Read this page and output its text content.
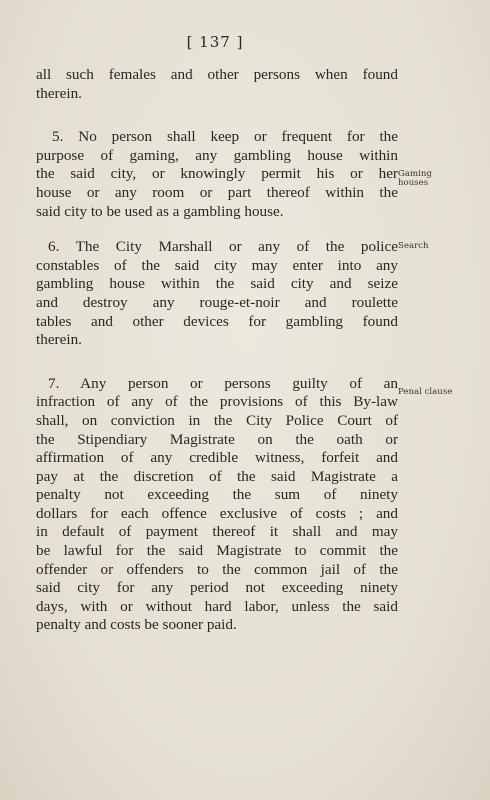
[ 137 ]
all such females and other persons when found
therein.
5. No person shall keep or frequent for the
purpose of gaming, any gambling house within
the said city, or knowingly permit his or her
house or any room or part thereof within the
said city to be used as a gambling house.
6. The City Marshall or any of the police
constables of the said city may enter into any
gambling house within the said city and seize
and destroy any rouge-et-noir and roulette
tables and other devices for gambling found
therein.
7. Any person or persons guilty of an
infraction of any of the provisions of this By-law
shall, on conviction in the City Police Court of
the Stipendiary Magistrate on the oath or
affirmation of any credible witness, forfeit and
pay at the discretion of the said Magistrate a
penalty not exceeding the sum of ninety
dollars for each offence exclusive of costs ; and
in default of payment thereof it shall and may
be lawful for the said Magistrate to commit the
offender or offenders to the common jail of the
said city for any period not exceeding ninety
days, with or without hard labor, unless the said
penalty and costs be sooner paid.
Gaming
houses
Search
Penal clause
